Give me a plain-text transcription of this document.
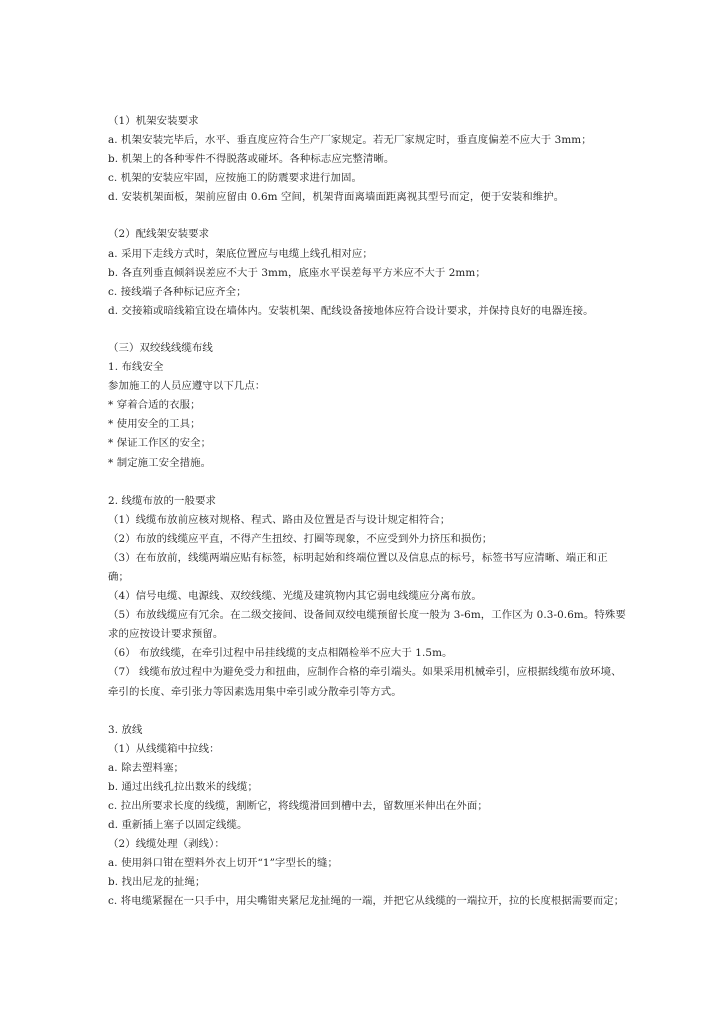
（1）机架安装要求
a. 机架安装完毕后，水平、垂直度应符合生产厂家规定。若无厂家规定时，垂直度偏差不应大于 3mm；
b. 机架上的各种零件不得脱落或碰坏。各种标志应完整清晰。
c. 机架的安装应牢固，应按施工的防震要求进行加固。
d. 安装机架面板，架前应留由 0.6m 空间，机架背面离墙面距离视其型号而定，便于安装和维护。
（2）配线架安装要求
a. 采用下走线方式时，架底位置应与电缆上线孔相对应；
b. 各直列垂直倾斜误差应不大于 3mm，底座水平误差每平方米应不大于 2mm；
c. 接线端子各种标记应齐全；
d. 交接箱或暗线箱宜设在墙体内。安装机架、配线设备接地体应符合设计要求，并保持良好的电器连接。
（三）双绞线线缆布线
1. 布线安全
参加施工的人员应遵守以下几点：
* 穿着合适的衣服；
* 使用安全的工具；
* 保证工作区的安全；
* 制定施工安全措施。
2. 线缆布放的一般要求
（1）线缆布放前应核对规格、程式、路由及位置是否与设计规定相符合；
（2）布放的线缆应平直，不得产生扭绞、打圈等现象，不应受到外力挤压和损伤；
（3）在布放前，线缆两端应贴有标签，标明起始和终端位置以及信息点的标号，标签书写应清晰、端正和正确；
（4）信号电缆、电源线、双绞线缆、光缆及建筑物内其它弱电线缆应分离布放。
（5）布放线缆应有冗余。在二级交接间、设备间双绞电缆预留长度一般为 3-6m，工作区为 0.3-0.6m。特殊要求的应按设计要求预留。
（6） 布放线缆，在牵引过程中吊挂线缆的支点相隔检举不应大于 1.5m。
（7） 线缆布放过程中为避免受力和扭曲，应制作合格的牵引端头。如果采用机械牵引，应根据线缆布放环境、牵引的长度、牵引张力等因素选用集中牵引或分散牵引等方式。
3. 放线
（1）从线缆箱中拉线：
a. 除去塑料塞；
b. 通过出线孔拉出数米的线缆；
c. 拉出所要求长度的线缆，割断它，将线缆滑回到槽中去，留数厘米伸出在外面；
d. 重新插上塞子以固定线缆。
（2）线缆处理（剥线）：
a. 使用斜口钳在塑料外衣上切开“1”字型长的缝；
b. 找出尼龙的扯绳；
c. 将电缆紧握在一只手中，用尖嘴钳夹紧尼龙扯绳的一端，并把它从线缆的一端拉开，拉的长度根据需要而定；
